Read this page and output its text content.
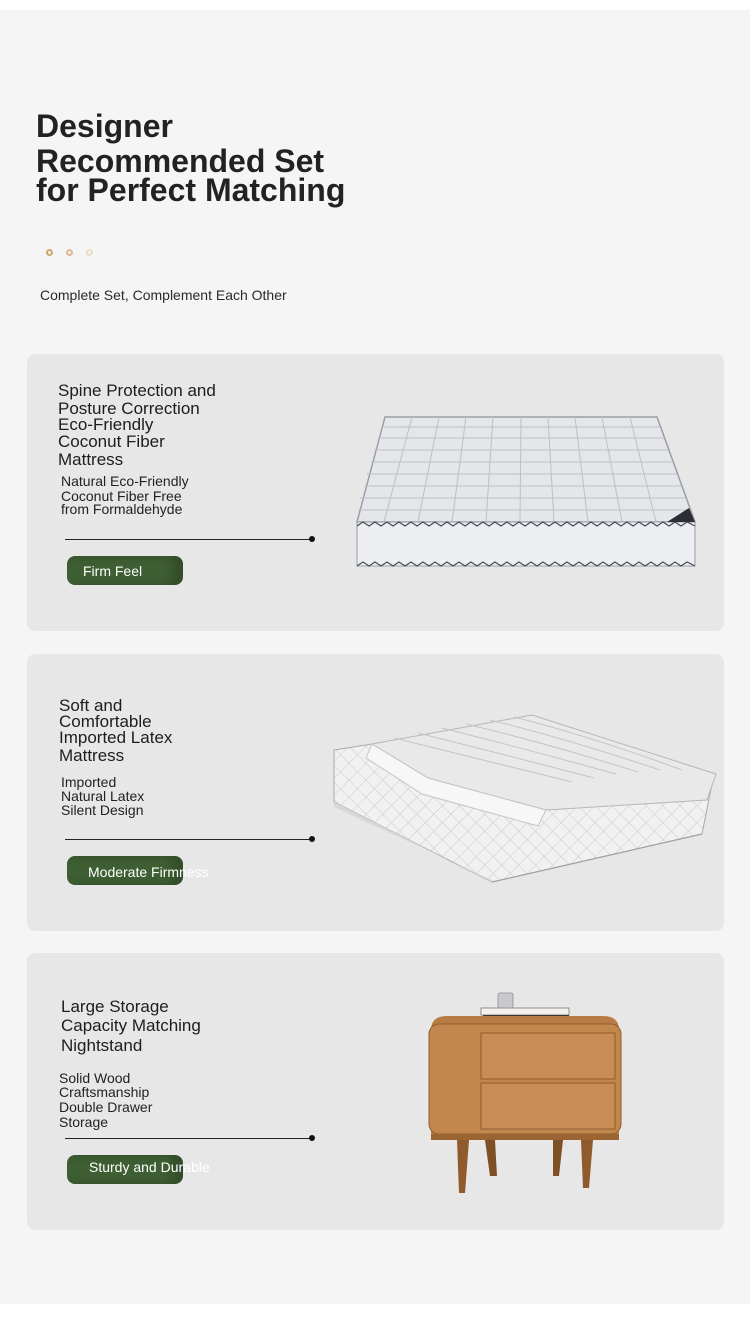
Designer
Recommended Set
for Perfect Matching
Complete Set, Complement Each Other
Spine Protection and
Posture Correction
Eco-Friendly
Coconut Fiber
Mattress
Natural Eco-Friendly
Coconut Fiber Free
from Formaldehyde
Firm Feel
Soft and
Comfortable
Imported Latex
Mattress
Imported
Natural Latex
Silent Design
Moderate Firmness
Large Storage
Capacity Matching
Nightstand
Solid Wood
Craftsmanship
Double Drawer
Storage
Sturdy and Durable
